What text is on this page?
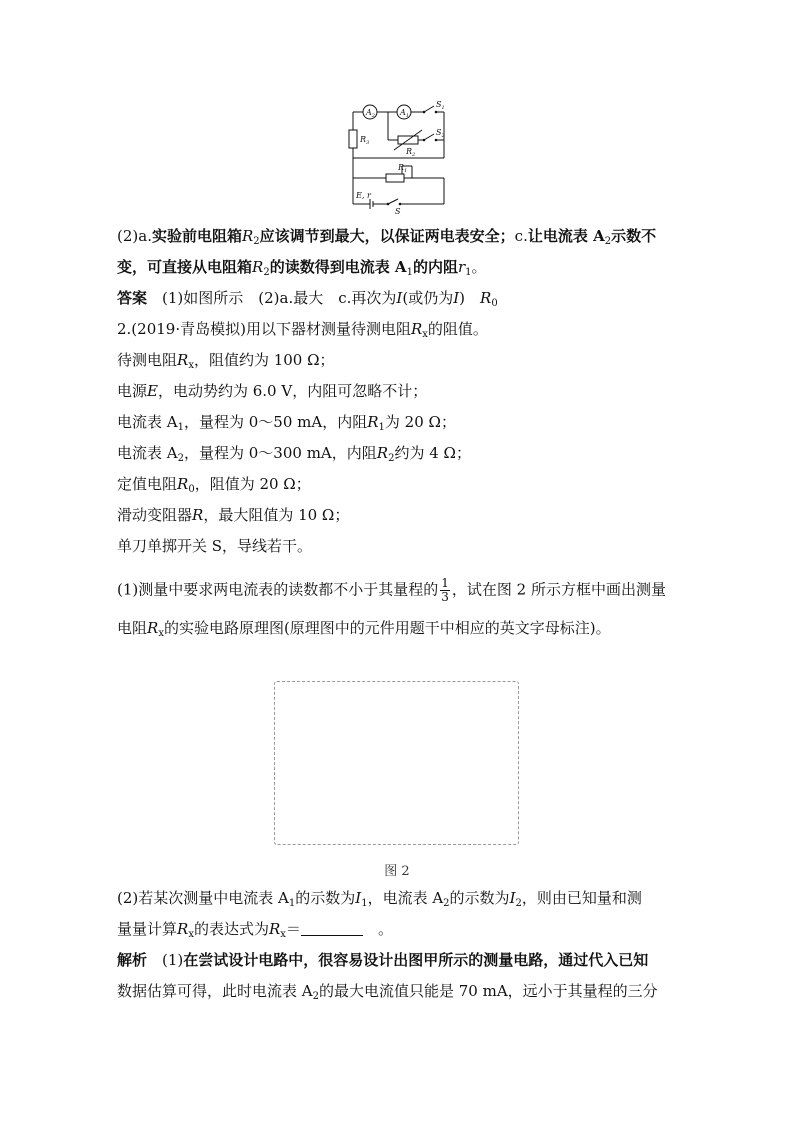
$A_2$	$A_1$
$S_1$
$S_2$
$R_2$
$R_3$
$R_1$
E, r
S
(2)a.实验前电阻箱$R_2$应该调节到最大，以保证两电表安全；c.让电流表 $A_2$示数不
变，可直接从电阻箱$R_2$的读数得到电流表 $A_1$的内阻$r_1$。
答案　 (1)如图所示　(2)a.最大　c.再次为I(或仍为I)　$R_0$
2.(2019·青岛模拟)用以下器材测量待测电阻$R_x$的阻值。
待测电阻$R_x$，阻值约为 100 Ω；
电源E，电动势约为 6.0 V，内阻可忽略不计；
电流表 $A_1$，量程为 0～50 mA，内阻$R_1$为 20 Ω；
电流表 $A_2$，量程为 0～300 mA，内阻$R_2$约为 4 Ω；
定值电阻$R_0$，阻值为 20 Ω；
滑动变阻器R，最大阻值为 10 Ω；
单刀单掷开关 S，导线若干。
(1)测量中要求两电流表的读数都不小于其量程的 $\frac{1}{3}$ ，试在图 2 所示方框中画出测量
电阻$R_x$的实验电路原理图(原理图中的元件用题干中相应的英文字母标注)。
图 2
(2)若某次测量中电流表 $A_1$的示数为$I_1$，电流表 $A_2$的示数为$I_2$，则由已知量和测
量量计算$R_x$的表达式为$R_x=$　	。
解析　 (1)在尝试设计电路中，很容易设计出图甲所示的测量电路，通过代入已知
数据估算可得，此时电流表 $A_2$的最大电流值只能是 70 mA，远小于其量程的三分
